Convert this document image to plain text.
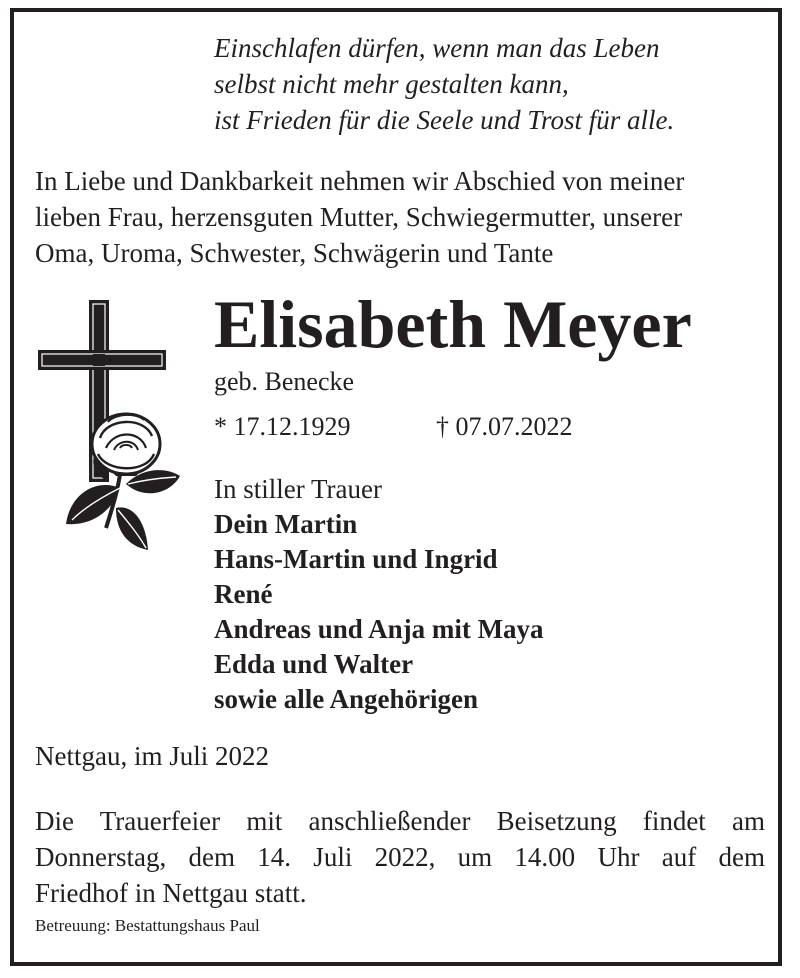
Einschlafen dürfen, wenn man das Leben
selbst nicht mehr gestalten kann,
ist Frieden für die Seele und Trost für alle.
In Liebe und Dankbarkeit nehmen wir Abschied von meiner
lieben Frau, herzensguten Mutter, Schwiegermutter, unserer
Oma, Uroma, Schwester, Schwägerin und Tante
Elisabeth Meyer
geb. Benecke
* 17.12.1929	† 07.07.2022
In stiller Trauer
Dein Martin
Hans-Martin und Ingrid
René
Andreas und Anja mit Maya
Edda und Walter
sowie alle Angehörigen
Nettgau, im Juli 2022
Die Trauerfeier mit anschließender Beisetzung findet am
Donnerstag, dem 14. Juli 2022, um 14.00 Uhr auf dem
Friedhof in Nettgau statt.
Betreuung: Bestattungshaus Paul
